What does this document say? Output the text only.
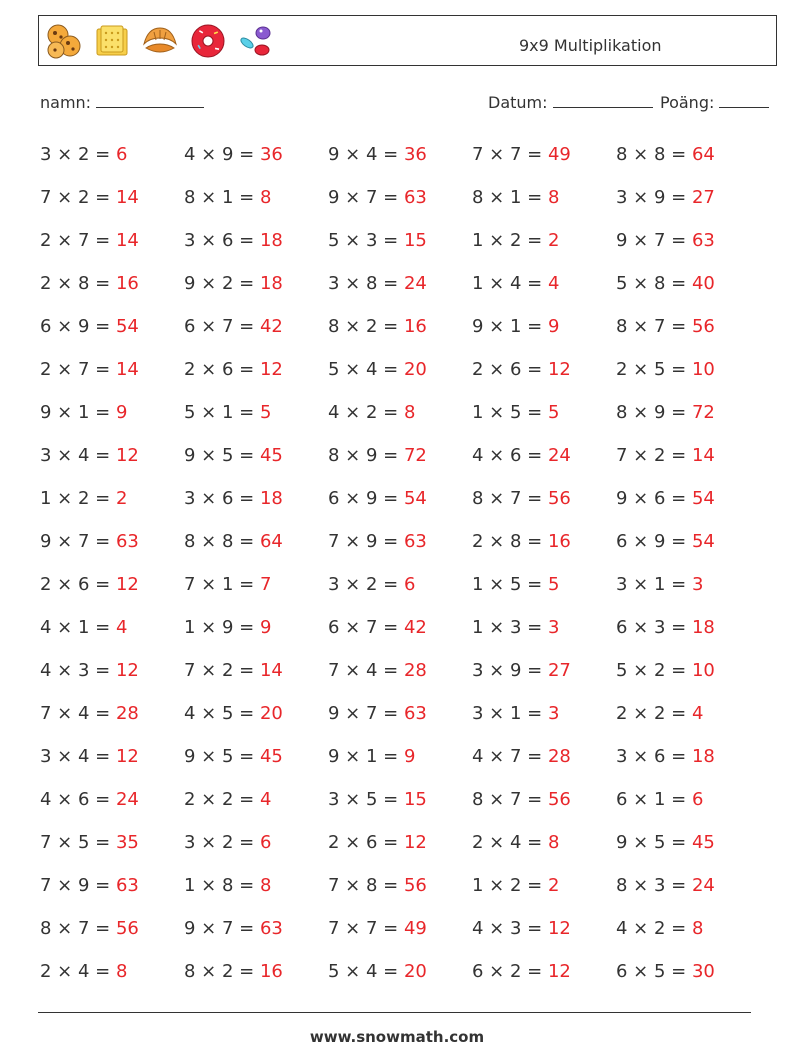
9x9 Multiplikation
namn:	Datum:	Poäng:
3 × 2 = 6	4 × 9 = 36	9 × 4 = 36	7 × 7 = 49	8 × 8 = 64
7 × 2 = 14	8 × 1 = 8	9 × 7 = 63	8 × 1 = 8	3 × 9 = 27
2 × 7 = 14	3 × 6 = 18	5 × 3 = 15	1 × 2 = 2	9 × 7 = 63
2 × 8 = 16	9 × 2 = 18	3 × 8 = 24	1 × 4 = 4	5 × 8 = 40
6 × 9 = 54	6 × 7 = 42	8 × 2 = 16	9 × 1 = 9	8 × 7 = 56
2 × 7 = 14	2 × 6 = 12	5 × 4 = 20	2 × 6 = 12	2 × 5 = 10
9 × 1 = 9	5 × 1 = 5	4 × 2 = 8	1 × 5 = 5	8 × 9 = 72
3 × 4 = 12	9 × 5 = 45	8 × 9 = 72	4 × 6 = 24	7 × 2 = 14
1 × 2 = 2	3 × 6 = 18	6 × 9 = 54	8 × 7 = 56	9 × 6 = 54
9 × 7 = 63	8 × 8 = 64	7 × 9 = 63	2 × 8 = 16	6 × 9 = 54
2 × 6 = 12	7 × 1 = 7	3 × 2 = 6	1 × 5 = 5	3 × 1 = 3
4 × 1 = 4	1 × 9 = 9	6 × 7 = 42	1 × 3 = 3	6 × 3 = 18
4 × 3 = 12	7 × 2 = 14	7 × 4 = 28	3 × 9 = 27	5 × 2 = 10
7 × 4 = 28	4 × 5 = 20	9 × 7 = 63	3 × 1 = 3	2 × 2 = 4
3 × 4 = 12	9 × 5 = 45	9 × 1 = 9	4 × 7 = 28	3 × 6 = 18
4 × 6 = 24	2 × 2 = 4	3 × 5 = 15	8 × 7 = 56	6 × 1 = 6
7 × 5 = 35	3 × 2 = 6	2 × 6 = 12	2 × 4 = 8	9 × 5 = 45
7 × 9 = 63	1 × 8 = 8	7 × 8 = 56	1 × 2 = 2	8 × 3 = 24
8 × 7 = 56	9 × 7 = 63	7 × 7 = 49	4 × 3 = 12	4 × 2 = 8
2 × 4 = 8	8 × 2 = 16	5 × 4 = 20	6 × 2 = 12	6 × 5 = 30
www.snowmath.com
